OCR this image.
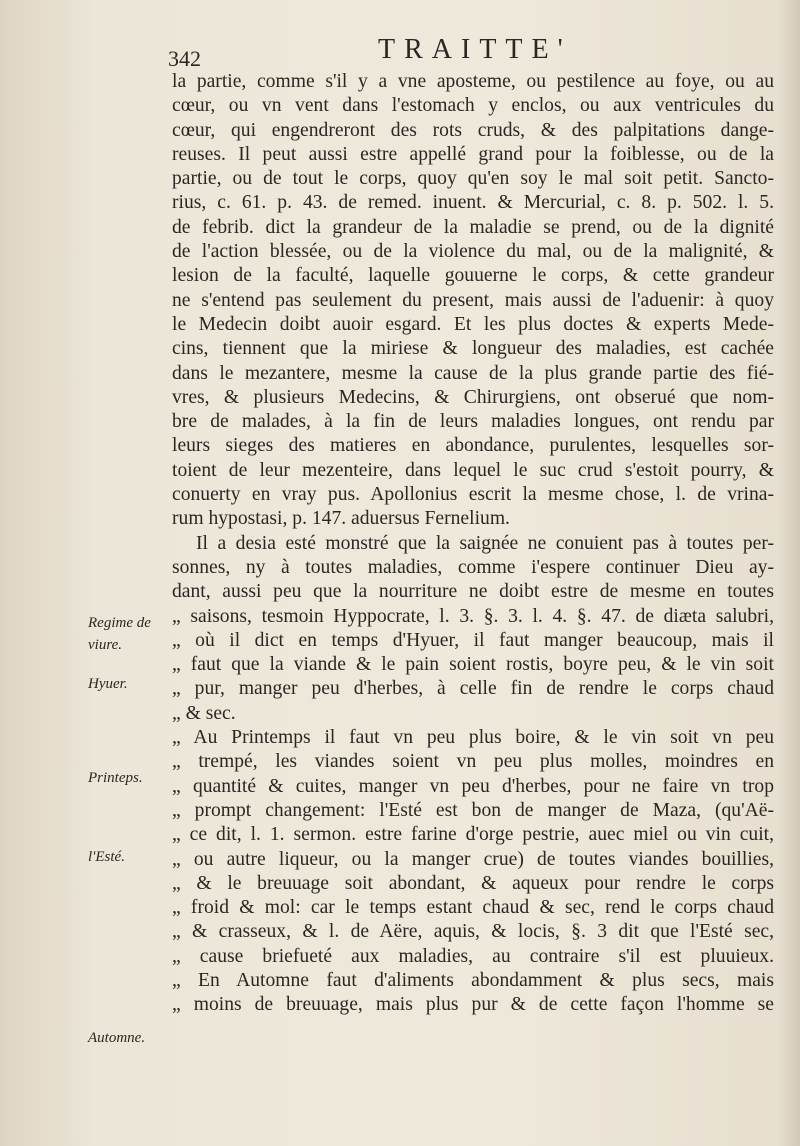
342	TRAITTE'
la partie, comme s'il y a vne aposteme, ou pestilence au foye, ou au
cœur, ou vn vent dans l'estomach y enclos, ou aux ventricules du
cœur, qui engendreront des rots cruds, & des palpitations dange-
reuses. Il peut aussi estre appellé grand pour la foiblesse, ou de la
partie, ou de tout le corps, quoy qu'en soy le mal soit petit. Sancto-
rius, c. 61. p. 43. de remed. inuent. & Mercurial, c. 8. p. 502. l. 5.
de febrib. dict la grandeur de la maladie se prend, ou de la dignité
de l'action blessée, ou de la violence du mal, ou de la malignité, &
lesion de la faculté, laquelle gouuerne le corps, & cette grandeur
ne s'entend pas seulement du present, mais aussi de l'aduenir: à quoy
le Medecin doibt auoir esgard. Et les plus doctes & experts Mede-
cins, tiennent que la miriese & longueur des maladies, est cachée
dans le mezantere, mesme la cause de la plus grande partie des fié-
vres, & plusieurs Medecins, & Chirurgiens, ont obserué que nom-
bre de malades, à la fin de leurs maladies longues, ont rendu par
leurs sieges des matieres en abondance, purulentes, lesquelles sor-
toient de leur mezenteire, dans lequel le suc crud s'estoit pourry, &
conuerty en vray pus. Apollonius escrit la mesme chose, l. de vrina-
rum hypostasi, p. 147. aduersus Fernelium.
Il a desia esté monstré que la saignée ne conuient pas à toutes per-
sonnes, ny à toutes maladies, comme i'espere continuer Dieu ay-
dant, aussi peu que la nourriture ne doibt estre de mesme en toutes
„ saisons, tesmoin Hyppocrate, l. 3. §. 3. l. 4. §. 47. de diæta salubri,
„ où il dict en temps d'Hyuer, il faut manger beaucoup, mais il
„ faut que la viande & le pain soient rostis, boyre peu, & le vin soit
„ pur, manger peu d'herbes, à celle fin de rendre le corps chaud
„ & sec.
„ Au Printemps il faut vn peu plus boire, & le vin soit vn peu
„ trempé, les viandes soient vn peu plus molles, moindres en
„ quantité & cuites, manger vn peu d'herbes, pour ne faire vn trop
„ prompt changement: l'Esté est bon de manger de Maza, (qu'Aë-
„ ce dit, l. 1. sermon. estre farine d'orge pestrie, auec miel ou vin cuit,
„ ou autre liqueur, ou la manger crue) de toutes viandes bouillies,
„ & le breuuage soit abondant, & aqueux pour rendre le corps
„ froid & mol: car le temps estant chaud & sec, rend le corps chaud
„ & crasseux, & l. de Aëre, aquis, & locis, §. 3 dit que l'Esté sec,
„ cause briefueté aux maladies, au contraire s'il est pluuieux.
„ En Automne faut d'aliments abondamment & plus secs, mais
„ moins de breuuage, mais plus pur & de cette façon l'homme se
Regime de viure.
Hyuer.
Printeps.
l'Esté.
Automne.
